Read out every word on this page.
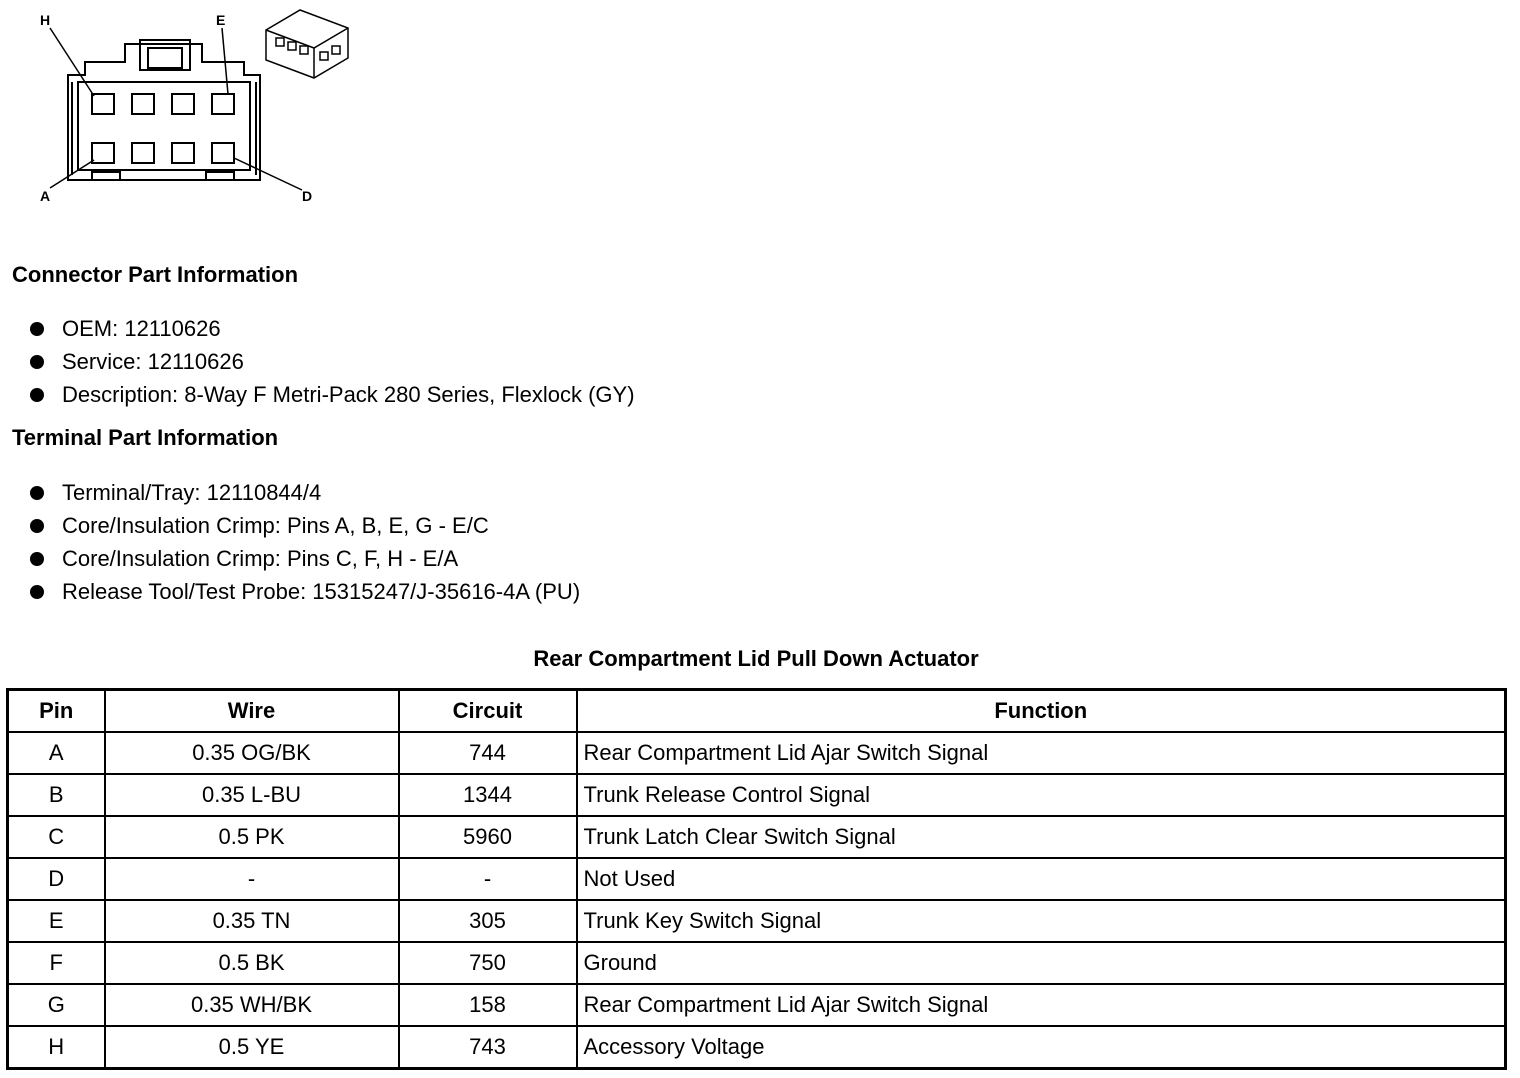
H	E
A	D
Connector Part Information
OEM: 12110626
Service: 12110626
Description: 8-Way F Metri-Pack 280 Series, Flexlock (GY)
Terminal Part Information
Terminal/Tray: 12110844/4
Core/Insulation Crimp: Pins A, B, E, G - E/C
Core/Insulation Crimp: Pins C, F, H - E/A
Release Tool/Test Probe: 15315247/J-35616-4A (PU)
Rear Compartment Lid Pull Down Actuator
Pin	Wire	Circuit	Function
A	0.35 OG/BK	744	Rear Compartment Lid Ajar Switch Signal
B	0.35 L-BU	1344	Trunk Release Control Signal
C	0.5 PK	5960	Trunk Latch Clear Switch Signal
D	-	-	Not Used
E	0.35 TN	305	Trunk Key Switch Signal
F	0.5 BK	750	Ground
G	0.35 WH/BK	158	Rear Compartment Lid Ajar Switch Signal
H	0.5 YE	743	Accessory Voltage
